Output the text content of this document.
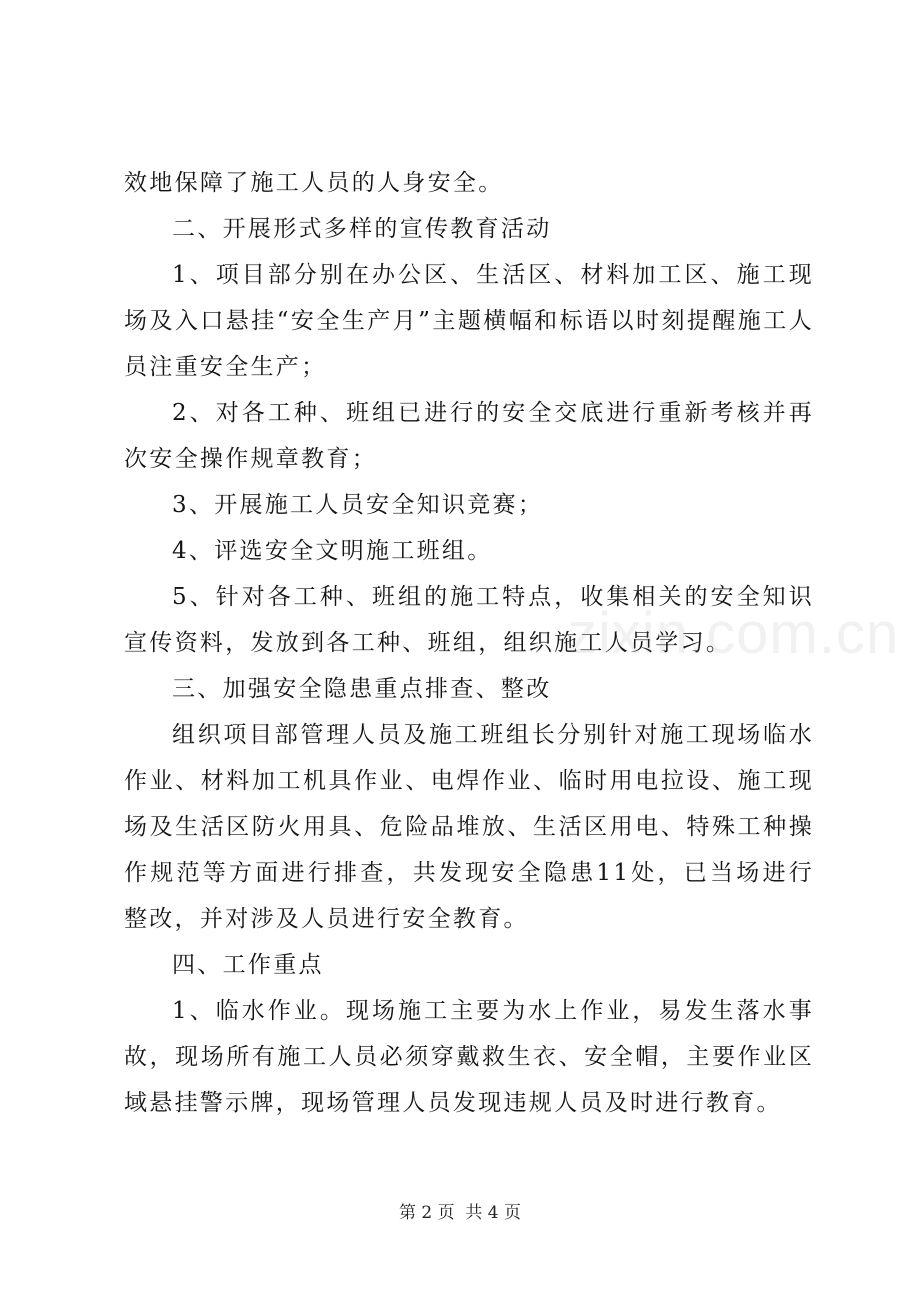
效地保障了施工人员的人身安全。

二、开展形式多样的宣传教育活动

1、项目部分别在办公区、生活区、材料加工区、施工现场及入口悬挂“安全生产月”主题横幅和标语以时刻提醒施工人员注重安全生产；

2、对各工种、班组已进行的安全交底进行重新考核并再次安全操作规章教育；

3、开展施工人员安全知识竞赛；

4、评选安全文明施工班组。

5、针对各工种、班组的施工特点，收集相关的安全知识宣传资料，发放到各工种、班组，组织施工人员学习。

三、加强安全隐患重点排查、整改

组织项目部管理人员及施工班组长分别针对施工现场临水作业、材料加工机具作业、电焊作业、临时用电拉设、施工现场及生活区防火用具、危险品堆放、生活区用电、特殊工种操作规范等方面进行排查，共发现安全隐患11处，已当场进行整改，并对涉及人员进行安全教育。

四、工作重点

1、临水作业。现场施工主要为水上作业，易发生落水事故，现场所有施工人员必须穿戴救生衣、安全帽，主要作业区域悬挂警示牌，现场管理人员发现违规人员及时进行教育。

zixin.com.cn
第 2 页  共 4 页
